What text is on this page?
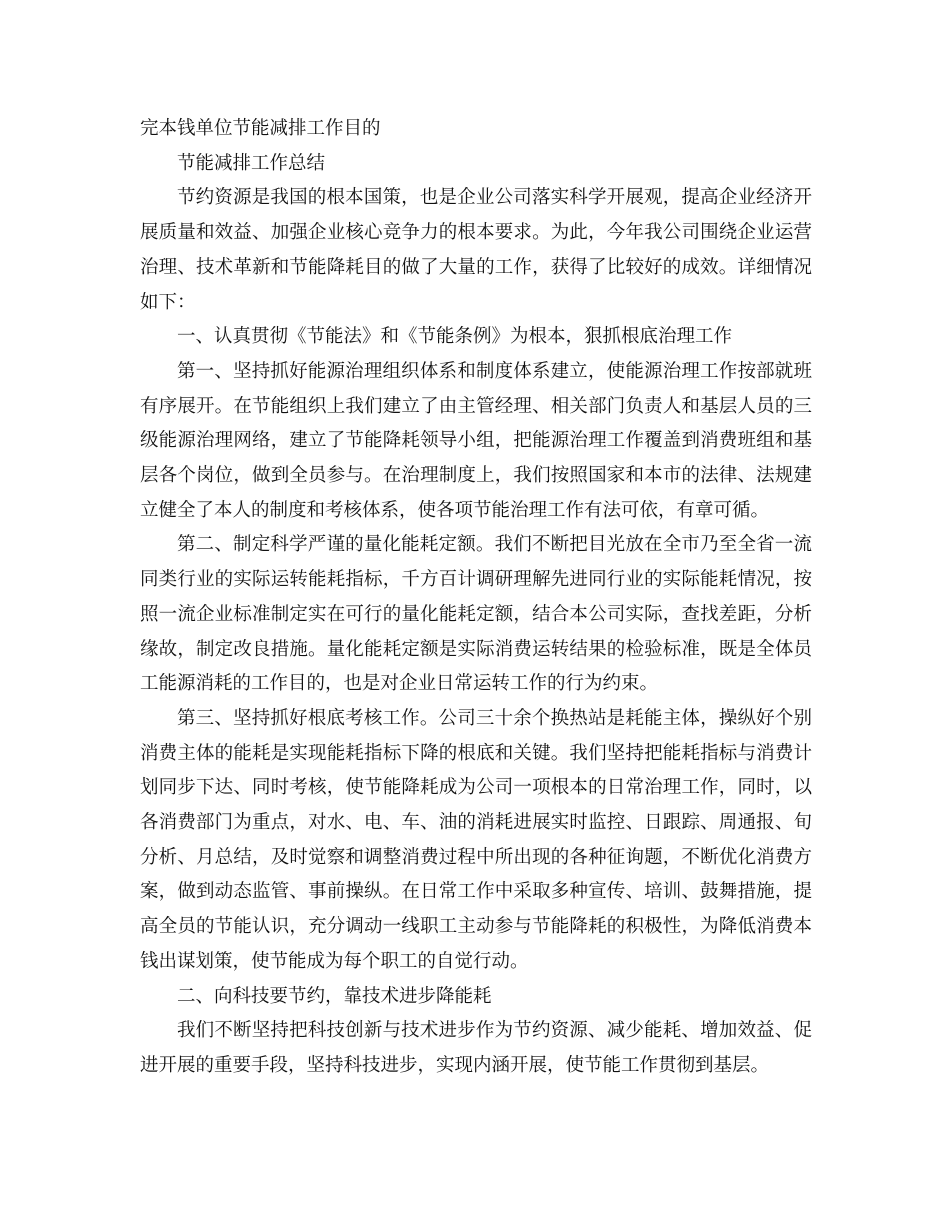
完本钱单位节能减排工作目的

节能减排工作总结

节约资源是我国的根本国策，也是企业公司落实科学开展观，提高企业经济开展质量和效益、加强企业核心竞争力的根本要求。为此，今年我公司围绕企业运营治理、技术革新和节能降耗目的做了大量的工作，获得了比较好的成效。详细情况如下：

一、认真贯彻《节能法》和《节能条例》为根本，狠抓根底治理工作

第一、坚持抓好能源治理组织体系和制度体系建立，使能源治理工作按部就班有序展开。在节能组织上我们建立了由主管经理、相关部门负责人和基层人员的三级能源治理网络，建立了节能降耗领导小组，把能源治理工作覆盖到消费班组和基层各个岗位，做到全员参与。在治理制度上，我们按照国家和本市的法律、法规建立健全了本人的制度和考核体系，使各项节能治理工作有法可依，有章可循。

第二、制定科学严谨的量化能耗定额。我们不断把目光放在全市乃至全省一流同类行业的实际运转能耗指标，千方百计调研理解先进同行业的实际能耗情况，按照一流企业标准制定实在可行的量化能耗定额，结合本公司实际，查找差距，分析缘故，制定改良措施。量化能耗定额是实际消费运转结果的检验标准，既是全体员工能源消耗的工作目的，也是对企业日常运转工作的行为约束。

第三、坚持抓好根底考核工作。公司三十余个换热站是耗能主体，操纵好个别消费主体的能耗是实现能耗指标下降的根底和关键。我们坚持把能耗指标与消费计划同步下达、同时考核，使节能降耗成为公司一项根本的日常治理工作，同时，以各消费部门为重点，对水、电、车、油的消耗进展实时监控、日跟踪、周通报、旬分析、月总结，及时觉察和调整消费过程中所出现的各种征询题，不断优化消费方案，做到动态监管、事前操纵。在日常工作中采取多种宣传、培训、鼓舞措施，提高全员的节能认识，充分调动一线职工主动参与节能降耗的积极性，为降低消费本钱出谋划策，使节能成为每个职工的自觉行动。

二、向科技要节约，靠技术进步降能耗

我们不断坚持把科技创新与技术进步作为节约资源、减少能耗、增加效益、促进开展的重要手段，坚持科技进步，实现内涵开展，使节能工作贯彻到基层。
